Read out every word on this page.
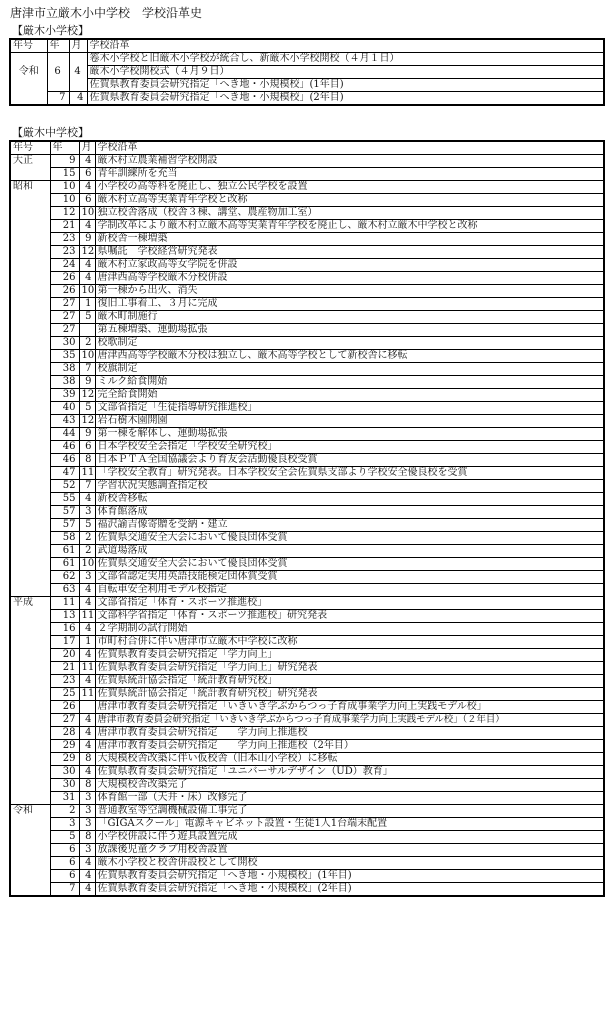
唐津市立厳木小中学校　学校沿革史
【厳木小学校】
年号	年	月	学校沿革
令和	6	4	箞木小学校と旧厳木小学校が統合し、新厳木小学校開校（４月１日）
			厳木小学校開校式（４月９日）
			佐賀県教育委員会研究指定「へき地・小規模校」(1年目)
	7	4	佐賀県教育委員会研究指定「へき地・小規模校」(2年目)
【厳木中学校】
年号	年	月	学校沿革
大正	9	4	厳木村立農業補習学校開設
	15	6	青年訓練所を充当
昭和	10	4	小学校の高等科を廃止し、独立公民学校を設置
	10	6	厳木村立高等実業青年学校と改称
	12	10	独立校舎落成（校舎３棟、講堂、農産物加工室）
	21	4	学制改革により厳木村立厳木高等実業青年学校を廃止し、厳木村立厳木中学校と改称
	23	9	新校舎一棟増築
	23	12	県嘱託　学校経営研究発表
	24	4	厳木村立家政高等女学院を併設
	26	4	唐津西高等学校厳木分校併設
	26	10	第一棟から出火、消失
	27	1	復旧工事着工、３月に完成
	27	5	厳木町制施行
	27		第五棟増築、運動場拡張
	30	2	校歌制定
	35	10	唐津西高等学校厳木分校は独立し、厳木高等学校として新校舎に移転
	38	7	校旗制定
	38	9	ミルク給食開始
	39	12	完全給食開始
	40	5	文部省指定「生徒指導研究推進校」
	43	12	岩石樹木園開園
	44	9	第一棟を解体し、運動場拡張
	46	6	日本学校安全会指定「学校安全研究校」
	46	8	日本ＰＴＡ全国協議会より育友会活動優良校受賞
	47	11	「学校安全教育」研究発表。日本学校安全会佐賀県支部より学校安全優良校を受賞
	52	7	学習状況実態調査指定校
	55	4	新校舎移転
	57	3	体育館落成
	57	5	福沢諭吉像寄贈を受納・建立
	58	2	佐賀県交通安全大会において優良団体受賞
	61	2	武道場落成
	61	10	佐賀県交通安全大会において優良団体受賞
	62	3	文部省認定実用英語技能検定団体賞受賞
	63	4	自転車安全利用モデル校指定
平成	11	4	文部省指定「体育・スポーツ推進校」
	13	11	文部科学省指定「体育・スポーツ推進校」研究発表
	16	4	２学期制の試行開始
	17	1	市町村合併に伴い唐津市立厳木中学校に改称
	20	4	佐賀県教育委員会研究指定「学力向上」
	21	11	佐賀県教育委員会研究指定「学力向上」研究発表
	23	4	佐賀県統計協会指定「統計教育研究校」
	25	11	佐賀県統計協会指定「統計教育研究校」研究発表
	26		唐津市教育委員会研究指定「いきいき学ぶからつっ子育成事業学力向上実践モデル校」
	27	4	唐津市教育委員会研究指定「いきいき学ぶからつっ子育成事業学力向上実践モデル校」（２年目）
	28	4	唐津市教育委員会研究指定　　学力向上推進校
	29	4	唐津市教育委員会研究指定　　学力向上推進校（2年目）
	29	8	大規模校舎改築に伴い仮校舎（旧本山小学校）に移転
	30	4	佐賀県教育委員会研究指定「ユニバーサルデザイン（UD）教育」
	30	8	大規模校舎改築完了
	31	3	体育館一部（天井・床）改修完了
令和	2	3	普通教室等空調機械設備工事完了
	3	3	「GIGAスクール」電源キャビネット設置・生徒1人1台端末配置
	5	8	小学校併設に伴う遊具設置完成
	6	3	放課後児童クラブ用校舎設置
	6	4	厳木小学校と校舎併設校として開校
	6	4	佐賀県教育委員会研究指定「へき地・小規模校」(1年目)
	7	4	佐賀県教育委員会研究指定「へき地・小規模校」(2年目)
